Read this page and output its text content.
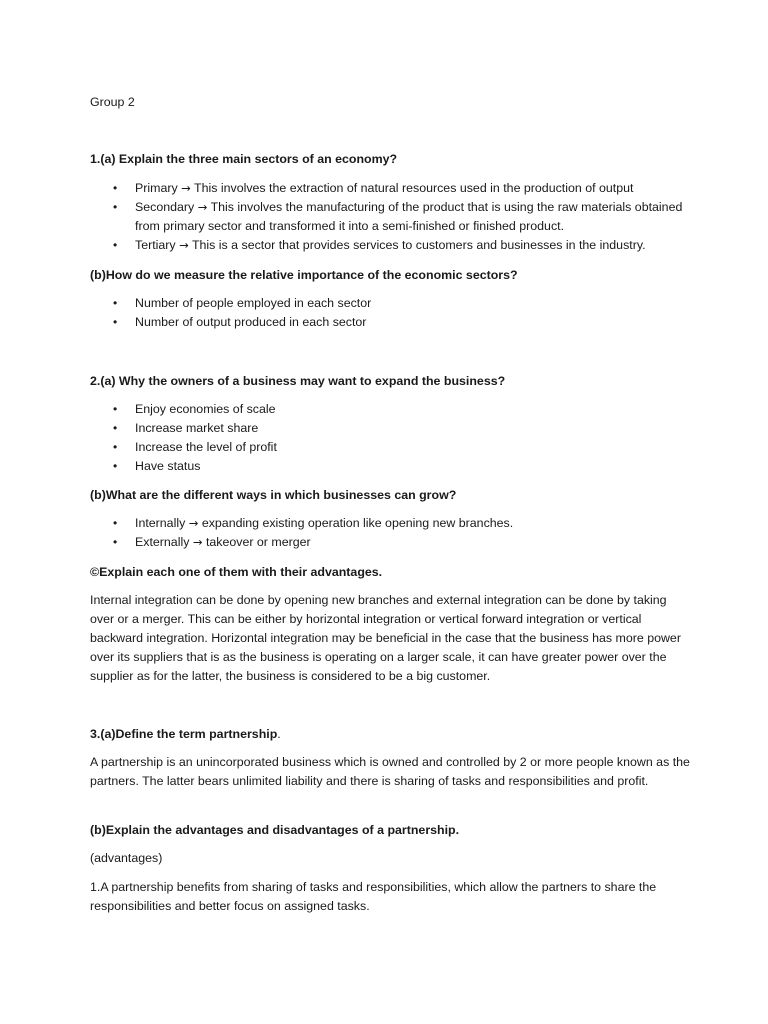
Group 2
1.(a) Explain the three main sectors of an economy?
• Primary → This involves the extraction of natural resources used in the production of output
• Secondary → This involves the manufacturing of the product that is using the raw materials obtained from primary sector and transformed it into a semi-finished or finished product.
• Tertiary → This is a sector that provides services to customers and businesses in the industry.
(b)How do we measure the relative importance of the economic sectors?
• Number of people employed in each sector
• Number of output produced in each sector
2.(a) Why the owners of a business may want to expand the business?
• Enjoy economies of scale
• Increase market share
• Increase the level of profit
• Have status
(b)What are the different ways in which businesses can grow?
• Internally → expanding existing operation like opening new branches.
• Externally → takeover or merger
©Explain each one of them with their advantages.

Internal integration can be done by opening new branches and external integration can be done by taking over or a merger. This can be either by horizontal integration or vertical forward integration or vertical backward integration. Horizontal integration may be beneficial in the case that the business has more power over its suppliers that is as the business is operating on a larger scale, it can have greater power over the supplier as for the latter, the business is considered to be a big customer.

3.(a)Define the term partnership.

A partnership is an unincorporated business which is owned and controlled by 2 or more people known as the partners. The latter bears unlimited liability and there is sharing of tasks and responsibilities and profit.

(b)Explain the advantages and disadvantages of a partnership.
(advantages)

1.A partnership benefits from sharing of tasks and responsibilities, which allow the partners to share the responsibilities and better focus on assigned tasks.
